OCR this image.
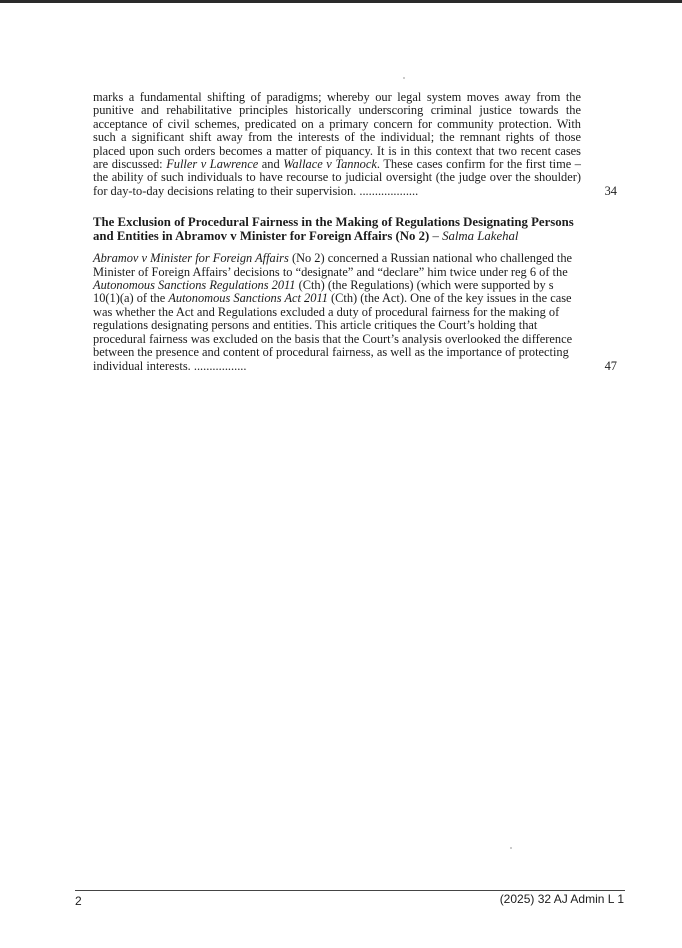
marks a fundamental shifting of paradigms; whereby our legal system moves away from the punitive and rehabilitative principles historically underscoring criminal justice towards the acceptance of civil schemes, predicated on a primary concern for community protection. With such a significant shift away from the interests of the individual; the remnant rights of those placed upon such orders becomes a matter of piquancy. It is in this context that two recent cases are discussed: Fuller v Lawrence and Wallace v Tannock. These cases confirm for the first time – the ability of such individuals to have recourse to judicial oversight (the judge over the shoulder) for day-to-day decisions relating to their supervision. ...................	34
The Exclusion of Procedural Fairness in the Making of Regulations Designating Persons and Entities in Abramov v Minister for Foreign Affairs (No 2) – Salma Lakehal

Abramov v Minister for Foreign Affairs (No 2) concerned a Russian national who challenged the Minister of Foreign Affairs’ decisions to “designate” and “declare” him twice under reg 6 of the Autonomous Sanctions Regulations 2011 (Cth) (the Regulations) (which were supported by s 10(1)(a) of the Autonomous Sanctions Act 2011 (Cth) (the Act). One of the key issues in the case was whether the Act and Regulations excluded a duty of procedural fairness for the making of regulations designating persons and entities. This article critiques the Court’s holding that procedural fairness was excluded on the basis that the Court’s analysis overlooked the difference between the presence and content of procedural fairness, as well as the importance of protecting individual interests. .................	47
2	(2025) 32 AJ Admin L 1
